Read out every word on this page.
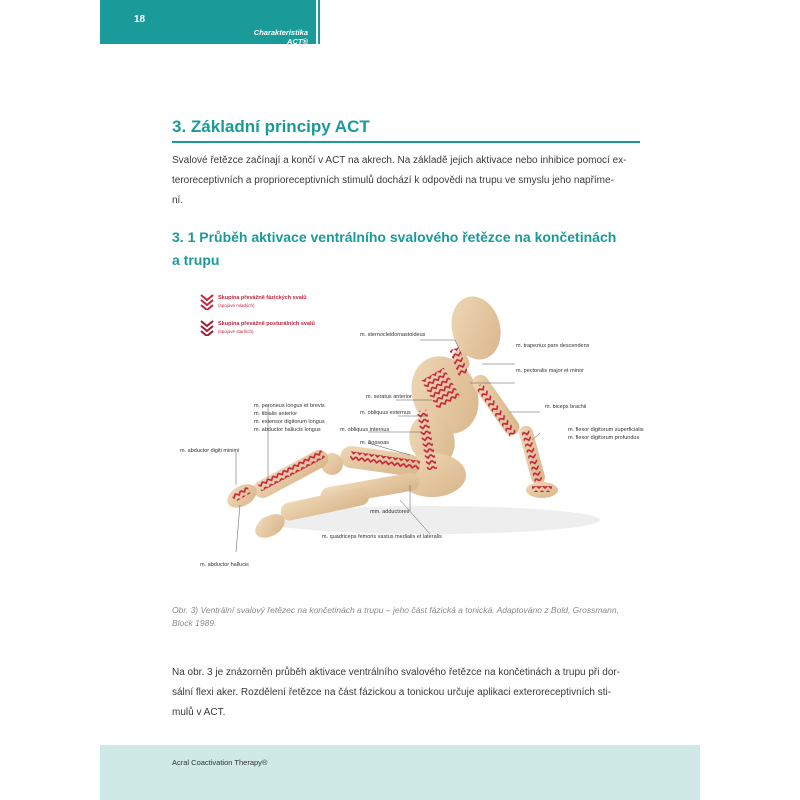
18
Charakteristika ACT®
3. Základní principy ACT

Svalové řetězce začínají a končí v ACT na akrech. Na základě jejich aktivace nebo inhibice pomocí ex-

teroreceptivních a proprioreceptivních stimulů dochází k odpovědi na trupu ve smyslu jeho napříme-

ní.

3. 1 Průběh aktivace ventrálního svalového řetězce na končetinách
a trupu
Skupina převážně fázických svalů
(spojové mladých)
Skupina převážně posturálních svalů
(spojové starších)
m. sternocleidomastoideus
m. trapezius pars descendens
m. pectoralis major et minor
m. seratus anterior
m. biceps brachii
m. obliquus externus
m. obliquus internus	m. flexor digitorum superficialis
m. flexor digitorum profundus
m. iliopsoas
m. peroneus longus et brevis
m. tibialis anterior
m. extensor digitorum longus
m. abductor hallucis longus
m. abductor digiti minimi
mm. adductores
m. quadriceps femoris vastus medialis et lateralis
m. abductor hallucis
Obr. 3) Ventrální svalový řetězec na končetinách a trupu – jeho část fázická a tonická. Adaptováno z Bold, Grossmann,
Block 1989.

Na obr. 3 je znázorněn průběh aktivace ventrálního svalového řetězce na končetinách a trupu při dor-

sální flexi aker. Rozdělení řetězce na část fázickou a tonickou určuje aplikaci exteroreceptivních sti-

mulů v ACT.

Acral Coactivation Therapy®
